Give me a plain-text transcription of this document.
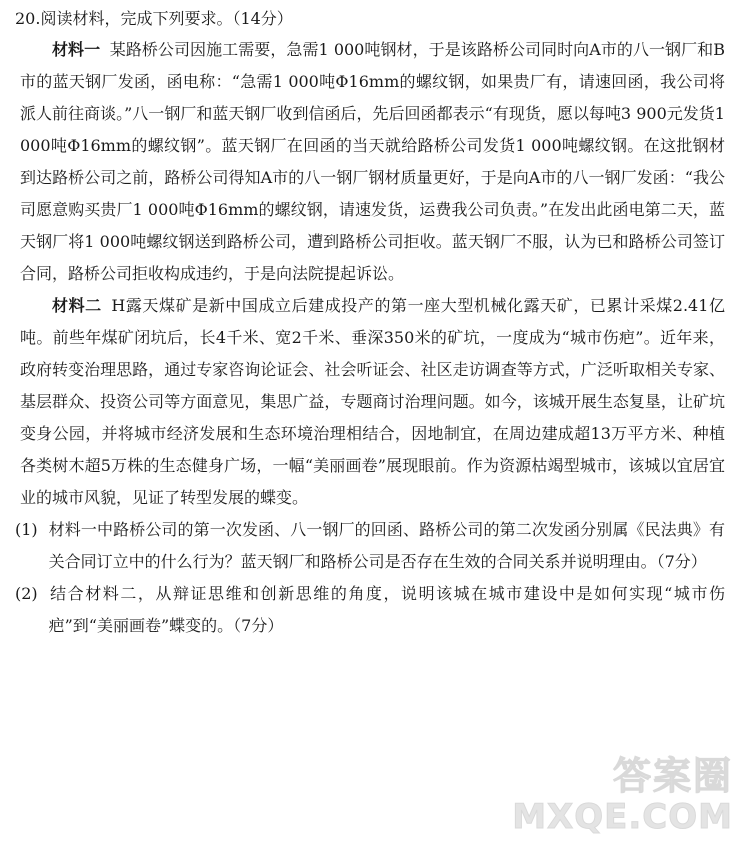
20.阅读材料，完成下列要求。（14分）

材料一 某路桥公司因施工需要，急需1 000吨钢材，于是该路桥公司同时向A市的八一钢厂和B市的蓝天钢厂发函，函电称：“急需1 000吨Φ16mm的螺纹钢，如果贵厂有，请速回函，我公司将派人前往商谈。”八一钢厂和蓝天钢厂收到信函后，先后回函都表示“有现货，愿以每吨3 900元发货1 000吨Φ16mm的螺纹钢”。蓝天钢厂在回函的当天就给路桥公司发货1 000吨螺纹钢。在这批钢材到达路桥公司之前，路桥公司得知A市的八一钢厂钢材质量更好，于是向A市的八一钢厂发函：“我公司愿意购买贵厂1 000吨Φ16mm的螺纹钢，请速发货，运费我公司负责。”在发出此函电第二天，蓝天钢厂将1 000吨螺纹钢送到路桥公司，遭到路桥公司拒收。蓝天钢厂不服，认为已和路桥公司签订合同，路桥公司拒收构成违约，于是向法院提起诉讼。

材料二 H露天煤矿是新中国成立后建成投产的第一座大型机械化露天矿，已累计采煤2.41亿吨。前些年煤矿闭坑后，长4千米、宽2千米、垂深350米的矿坑，一度成为“城市伤疤”。近年来，政府转变治理思路，通过专家咨询论证会、社会听证会、社区走访调查等方式，广泛听取相关专家、基层群众、投资公司等方面意见，集思广益，专题商讨治理问题。如今，该城开展生态复垦，让矿坑变身公园，并将城市经济发展和生态环境治理相结合，因地制宜，在周边建成超13万平方米、种植各类树木超5万株的生态健身广场，一幅“美丽画卷”展现眼前。作为资源枯竭型城市，该城以宜居宜业的城市风貌，见证了转型发展的蝶变。

(1) 材料一中路桥公司的第一次发函、八一钢厂的回函、路桥公司的第二次发函分别属《民法典》有关合同订立中的什么行为？蓝天钢厂和路桥公司是否存在生效的合同关系并说明理由。（7分）

(2) 结合材料二，从辩证思维和创新思维的角度，说明该城在城市建设中是如何实现“城市伤疤”到“美丽画卷”蝶变的。（7分）

答案圈
MXQE.COM
